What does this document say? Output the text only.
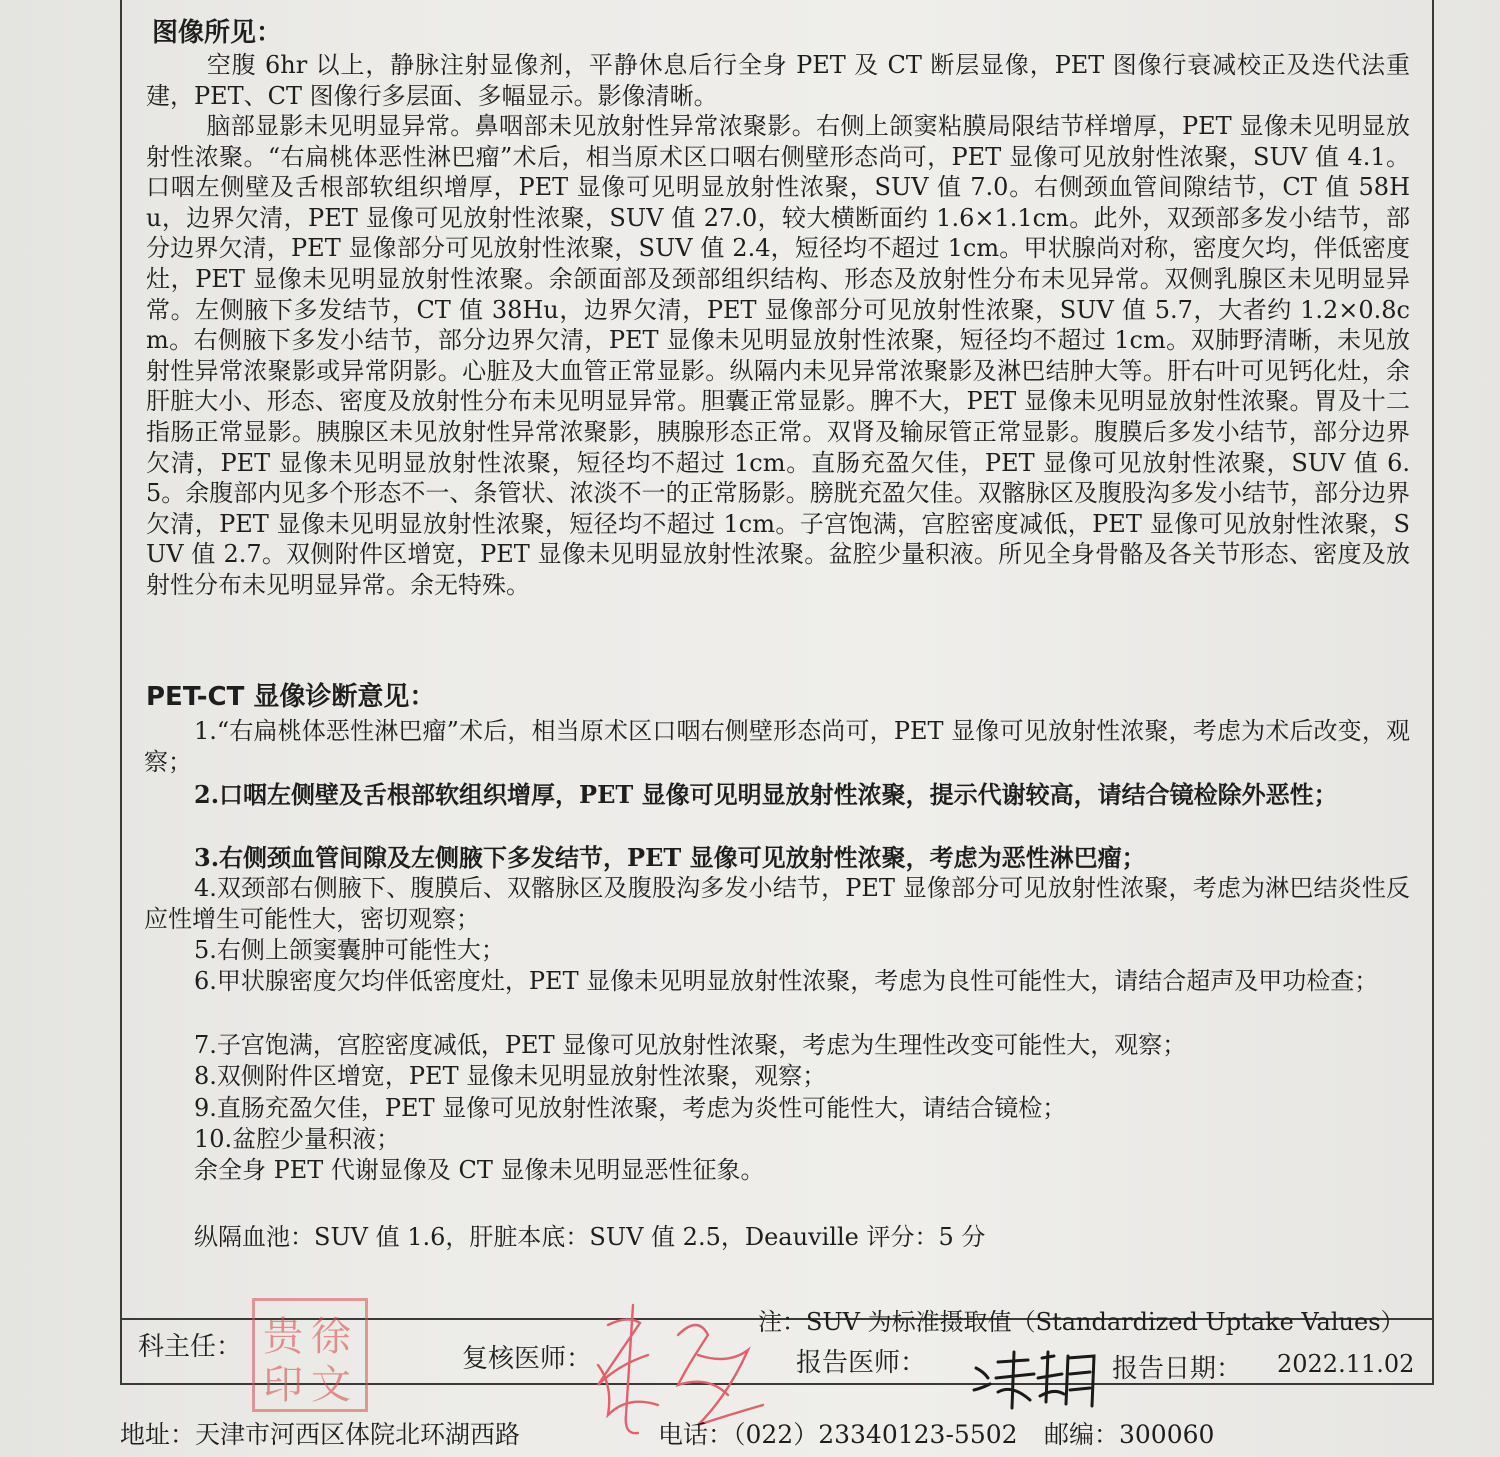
图像所见：
空腹 6hr 以上，静脉注射显像剂，平静休息后行全身 PET 及 CT 断层显像，PET 图像行衰减校正及迭代法重建，PET、CT 图像行多层面、多幅显示。影像清晰。
脑部显影未见明显异常。鼻咽部未见放射性异常浓聚影。右侧上颌窦粘膜局限结节样增厚，PET 显像未见明显放射性浓聚。“右扁桃体恶性淋巴瘤”术后，相当原术区口咽右侧壁形态尚可，PET 显像可见放射性浓聚，SUV 值 4.1。口咽左侧壁及舌根部软组织增厚，PET 显像可见明显放射性浓聚，SUV 值 7.0。右侧颈血管间隙结节，CT 值 58Hu，边界欠清，PET 显像可见放射性浓聚，SUV 值 27.0，较大横断面约 1.6×1.1cm。此外，双颈部多发小结节，部分边界欠清，PET 显像部分可见放射性浓聚，SUV 值 2.4，短径均不超过 1cm。甲状腺尚对称，密度欠均，伴低密度灶，PET 显像未见明显放射性浓聚。余颌面部及颈部组织结构、形态及放射性分布未见异常。双侧乳腺区未见明显异常。左侧腋下多发结节，CT 值 38Hu，边界欠清，PET 显像部分可见放射性浓聚，SUV 值 5.7，大者约 1.2×0.8cm。右侧腋下多发小结节，部分边界欠清，PET 显像未见明显放射性浓聚，短径均不超过 1cm。双肺野清晰，未见放射性异常浓聚影或异常阴影。心脏及大血管正常显影。纵隔内未见异常浓聚影及淋巴结肿大等。肝右叶可见钙化灶，余肝脏大小、形态、密度及放射性分布未见明显异常。胆囊正常显影。脾不大，PET 显像未见明显放射性浓聚。胃及十二指肠正常显影。胰腺区未见放射性异常浓聚影，胰腺形态正常。双肾及输尿管正常显影。腹膜后多发小结节，部分边界欠清，PET 显像未见明显放射性浓聚，短径均不超过 1cm。直肠充盈欠佳，PET 显像可见放射性浓聚，SUV 值 6.5。余腹部内见多个形态不一、条管状、浓淡不一的正常肠影。膀胱充盈欠佳。双髂脉区及腹股沟多发小结节，部分边界欠清，PET 显像未见明显放射性浓聚，短径均不超过 1cm。子宫饱满，宫腔密度减低，PET 显像可见放射性浓聚，SUV 值 2.7。双侧附件区增宽，PET 显像未见明显放射性浓聚。盆腔少量积液。所见全身骨骼及各关节形态、密度及放射性分布未见明显异常。余无特殊。
PET-CT 显像诊断意见：
1.“右扁桃体恶性淋巴瘤”术后，相当原术区口咽右侧壁形态尚可，PET 显像可见放射性浓聚，考虑为术后改变，观察；
2.口咽左侧壁及舌根部软组织增厚，PET 显像可见明显放射性浓聚，提示代谢较高，请结合镜检除外恶性；
3.右侧颈血管间隙及左侧腋下多发结节，PET 显像可见放射性浓聚，考虑为恶性淋巴瘤；
4.双颈部右侧腋下、腹膜后、双髂脉区及腹股沟多发小结节，PET 显像部分可见放射性浓聚，考虑为淋巴结炎性反应性增生可能性大，密切观察；
5.右侧上颌窦囊肿可能性大；
6.甲状腺密度欠均伴低密度灶，PET 显像未见明显放射性浓聚，考虑为良性可能性大，请结合超声及甲功检查；
7.子宫饱满，宫腔密度减低，PET 显像可见放射性浓聚，考虑为生理性改变可能性大，观察；
8.双侧附件区增宽，PET 显像未见明显放射性浓聚，观察；
9.直肠充盈欠佳，PET 显像可见放射性浓聚，考虑为炎性可能性大，请结合镜检；
10.盆腔少量积液；
余全身 PET 代谢显像及 CT 显像未见明显恶性征象。
纵隔血池：SUV 值 1.6，肝脏本底：SUV 值 2.5，Deauville 评分：5 分
注：SUV 为标准摄取值（Standardized Uptake Values）
贵 徐
印 文
科主任：	复核医师：	报告医师：	报告日期： 2022.11.02
地址：天津市河西区体院北环湖西路	电话：（022）23340123-5502 邮编：300060
